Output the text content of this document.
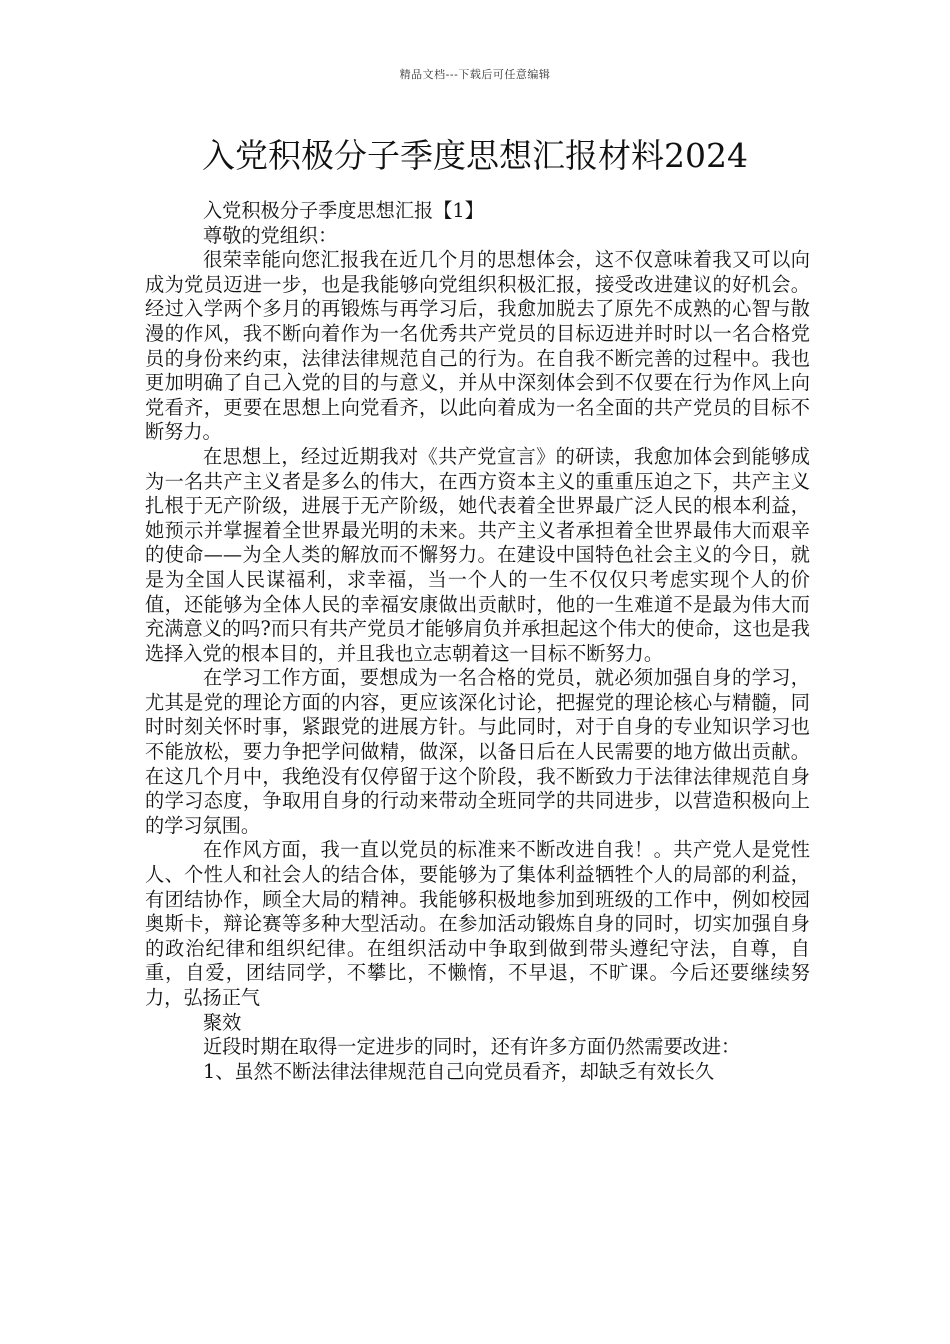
精品文档---下载后可任意编辑
入党积极分子季度思想汇报材料2024
入党积极分子季度思想汇报【1】
尊敬的党组织：

很荣幸能向您汇报我在近几个月的思想体会，这不仅意味着我又可以向成为党员迈进一步，也是我能够向党组织积极汇报，接受改进建议的好机会。经过入学两个多月的再锻炼与再学习后，我愈加脱去了原先不成熟的心智与散漫的作风，我不断向着作为一名优秀共产党员的目标迈进并时时以一名合格党员的身份来约束，法律法律规范自己的行为。在自我不断完善的过程中。我也更加明确了自己入党的目的与意义，并从中深刻体会到不仅要在行为作风上向党看齐，更要在思想上向党看齐，以此向着成为一名全面的共产党员的目标不断努力。

在思想上，经过近期我对《共产党宣言》的研读，我愈加体会到能够成为一名共产主义者是多么的伟大，在西方资本主义的重重压迫之下，共产主义扎根于无产阶级，进展于无产阶级，她代表着全世界最广泛人民的根本利益，她预示并掌握着全世界最光明的未来。共产主义者承担着全世界最伟大而艰辛的使命——为全人类的解放而不懈努力。在建设中国特色社会主义的今日，就是为全国人民谋福利，求幸福，当一个人的一生不仅仅只考虑实现个人的价值，还能够为全体人民的幸福安康做出贡献时，他的一生难道不是最为伟大而充满意义的吗?而只有共产党员才能够肩负并承担起这个伟大的使命，这也是我选择入党的根本目的，并且我也立志朝着这一目标不断努力。

在学习工作方面，要想成为一名合格的党员，就必须加强自身的学习，尤其是党的理论方面的内容，更应该深化讨论，把握党的理论核心与精髓，同时时刻关怀时事，紧跟党的进展方针。与此同时，对于自身的专业知识学习也不能放松，要力争把学问做精，做深，以备日后在人民需要的地方做出贡献。在这几个月中，我绝没有仅停留于这个阶段，我不断致力于法律法律规范自身的学习态度，争取用自身的行动来带动全班同学的共同进步，以营造积极向上的学习氛围。

在作风方面，我一直以党员的标准来不断改进自我！。共产党人是党性人、个性人和社会人的结合体，要能够为了集体利益牺牲个人的局部的利益，有团结协作，顾全大局的精神。我能够积极地参加到班级的工作中，例如校园奥斯卡，辩论赛等多种大型活动。在参加活动锻炼自身的同时，切实加强自身的政治纪律和组织纪律。在组织活动中争取到做到带头遵纪守法，自尊，自重，自爱，团结同学，不攀比，不懒惰，不早退，不旷课。今后还要继续努力，弘扬正气

聚效
近段时期在取得一定进步的同时，还有许多方面仍然需要改进：
1、虽然不断法律法律规范自己向党员看齐，却缺乏有效长久
